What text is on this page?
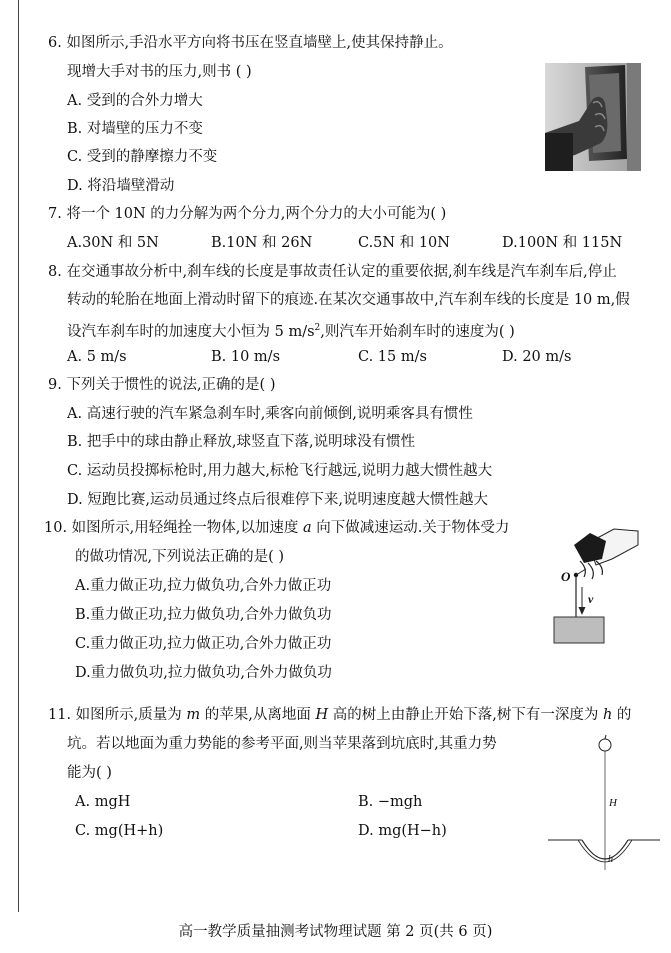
6. 如图所示,手沿水平方向将书压在竖直墙壁上,使其保持静止。
现增大手对书的压力,则书 ( )
A. 受到的合外力增大
B. 对墙壁的压力不变
C. 受到的静摩擦力不变
D. 将沿墙壁滑动
7. 将一个 10N 的力分解为两个分力,两个分力的大小可能为( )
A.30N 和 5N	B.10N 和 26N	C.5N 和 10N	D.100N 和 115N
8. 在交通事故分析中,刹车线的长度是事故责任认定的重要依据,刹车线是汽车刹车后,停止
转动的轮胎在地面上滑动时留下的痕迹.在某次交通事故中,汽车刹车线的长度是 10 m,假
设汽车刹车时的加速度大小恒为 5 $m/s^2$,则汽车开始刹车时的速度为( )
A. 5 m/s	B. 10 m/s	C. 15 m/s	D. 20 m/s
9. 下列关于惯性的说法,正确的是( )
A. 高速行驶的汽车紧急刹车时,乘客向前倾倒,说明乘客具有惯性
B. 把手中的球由静止释放,球竖直下落,说明球没有惯性
C. 运动员投掷标枪时,用力越大,标枪飞行越远,说明力越大惯性越大
D. 短跑比赛,运动员通过终点后很难停下来,说明速度越大惯性越大
10. 如图所示,用轻绳拴一物体,以加速度 a 向下做减速运动.关于物体受力
的做功情况,下列说法正确的是( )
A.重力做正功,拉力做负功,合外力做正功
B.重力做正功,拉力做负功,合外力做负功
C.重力做正功,拉力做正功,合外力做正功
D.重力做负功,拉力做负功,合外力做负功
O
v
11. 如图所示,质量为 m 的苹果,从离地面 H 高的树上由静止开始下落,树下有一深度为 h 的
坑。若以地面为重力势能的参考平面,则当苹果落到坑底时,其重力势
能为( )
A. mgH	B. −mgh
C. mg(H+h)	D. mg(H−h)
H
h
高一教学质量抽测考试物理试题 第 2 页(共 6 页)
